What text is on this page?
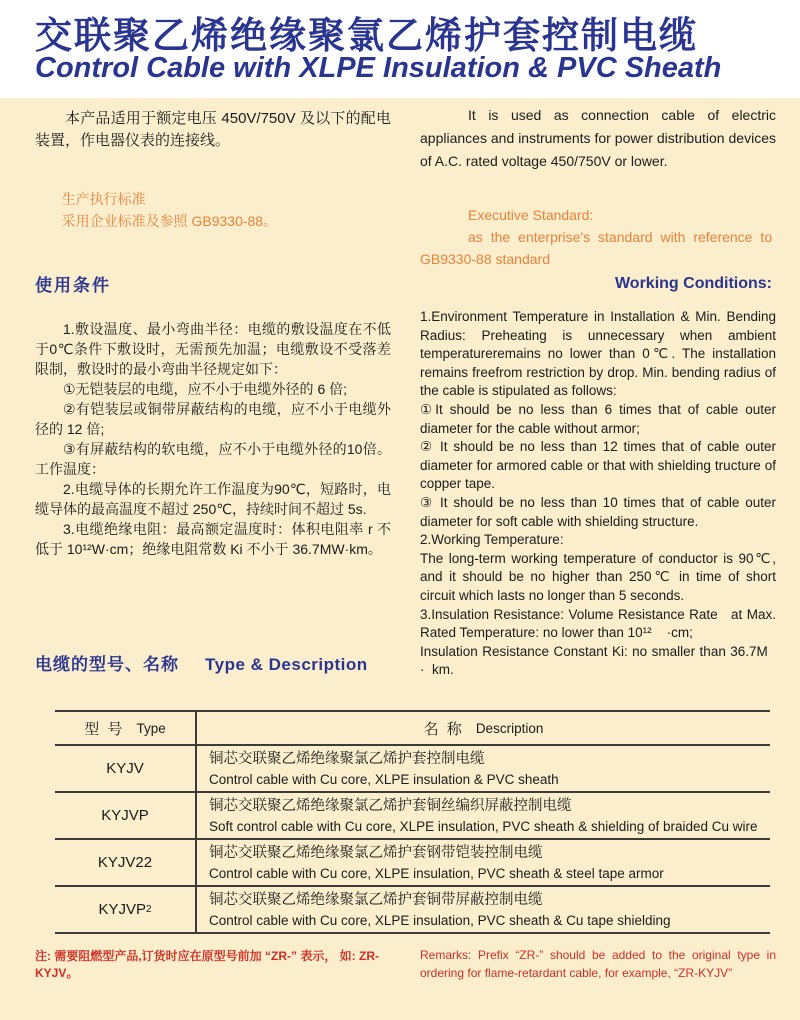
交联聚乙烯绝缘聚氯乙烯护套控制电缆
Control Cable with XLPE Insulation & PVC Sheath

本产品适用于额定电压 450V/750V 及以下的配电装置，作电器仪表的连接线。

生产执行标准

采用企业标准及参照 GB9330-88。

It is used as connection cable of electric appliances and instruments for power distribution devices of A.C. rated voltage 450/750V or lower.

Executive Standard:

as the enterprise's standard with reference to  GB9330-88 standard

使用条件	Working Conditions:

1.敷设温度、最小弯曲半径：电缆的敷设温度在不低于0℃条件下敷设时，无需预先加温；电缆敷设不受落差限制，敷设时的最小弯曲半径规定如下：

①无铠装层的电缆，应不小于电缆外径的 6 倍;

②有铠装层或铜带屏蔽结构的电缆，应不小于电缆外径的 12 倍;

③有屏蔽结构的软电缆，应不小于电缆外径的10倍。工作温度：

2.电缆导体的长期允许工作温度为90℃，短路时，电缆导体的最高温度不超过 250℃，持续时间不超过 5s.

3.电缆绝缘电阻：最高额定温度时：体积电阻率 r 不低于 10¹²W·cm；绝缘电阻常数 Ki 不小于 36.7MW·km。

1.Environment Temperature in Installation & Min. Bending Radius: Preheating is unnecessary when ambient temperatureremains no lower than 0℃. The installation remains freefrom restriction by drop. Min. bending radius of the cable is stipulated as follows:

①It should be no less than 6 times that of cable outer diameter for the cable without armor;

② It should be no less than 12 times that of cable outer diameter for armored cable or that with shielding tructure of copper tape.

③ It should be no less than 10 times that of cable outer diameter for soft cable with shielding structure.

2.Working Temperature:

The long-term working temperature of conductor is 90℃, and it should be no higher than 250℃ in time of short circuit which lasts no longer than 5 seconds.

3.Insulation Resistance: Volume Resistance Rate   at Max. Rated Temperature: no lower than 10¹²    ·cm;

Insulation Resistance Constant Ki: no smaller than 36.7M   ·  km.

电缆的型号、名称 Type & Description
型 号 Type	名 称 Description
KYJV
铜芯交联聚乙烯绝缘聚氯乙烯护套控制电缆
Control cable with Cu core, XLPE insulation & PVC sheath
KYJVP
铜芯交联聚乙烯绝缘聚氯乙烯护套铜丝编织屏蔽控制电缆
Soft control cable with Cu core, XLPE insulation, PVC sheath & shielding of braided Cu wire
KYJV22
铜芯交联聚乙烯绝缘聚氯乙烯护套钢带铠装控制电缆
Control cable with Cu core, XLPE insulation, PVC sheath & steel tape armor
KYJVP 2
铜芯交联聚乙烯绝缘聚氯乙烯护套铜带屏蔽控制电缆
Control cable with Cu core, XLPE insulation, PVC sheath & Cu tape shielding
注: 需要阻燃型产品,订货时应在原型号前加 “ZR-” 表示， 如: ZR-KYJV。
Remarks: Prefix “ZR-” should be added to the original type in ordering for flame-retardant cable, for example, “ZR-KYJV”
